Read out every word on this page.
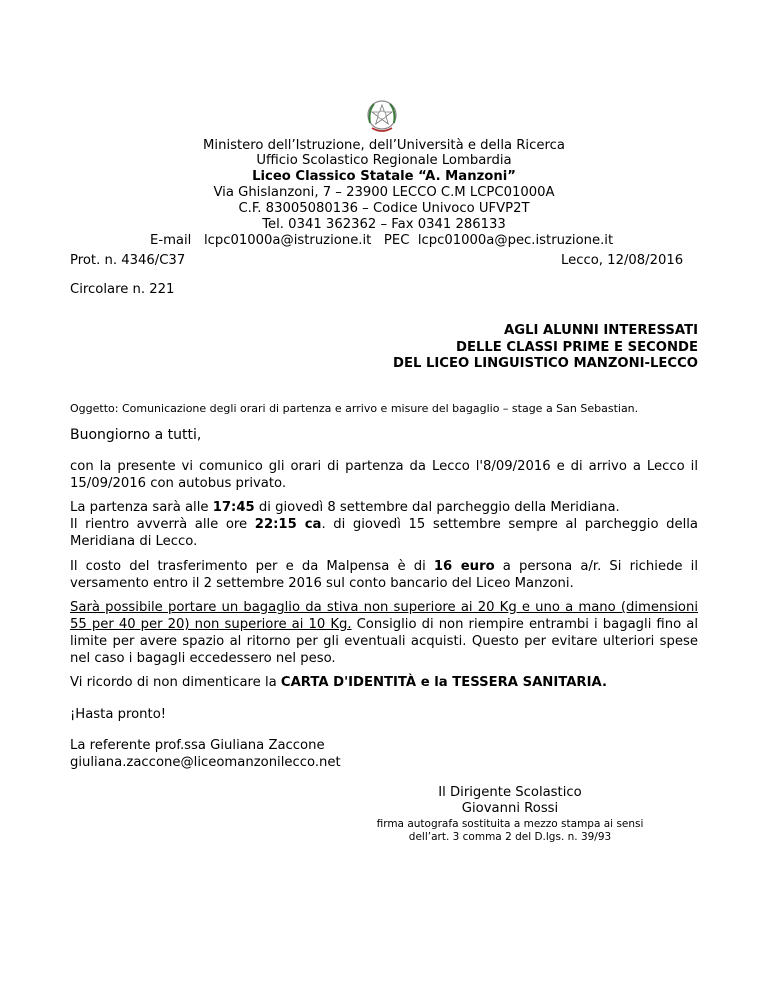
Ministero dell’Istruzione, dell’Università e della Ricerca
Ufficio Scolastico Regionale Lombardia
Liceo Classico Statale “A. Manzoni”
Via Ghislanzoni, 7 – 23900 LECCO C.M LCPC01000A
C.F. 83005080136 – Codice Univoco UFVP2T
Tel. 0341 362362 – Fax 0341 286133
E-mail lcpc01000a@istruzione.it PEC lcpc01000a@pec.istruzione.it
Prot. n. 4346/C37	Lecco, 12/08/2016
Circolare n. 221
AGLI ALUNNI INTERESSATI
DELLE CLASSI PRIME E SECONDE
DEL LICEO LINGUISTICO MANZONI-LECCO
Oggetto: Comunicazione degli orari di partenza e arrivo e misure del bagaglio – stage a San Sebastian.
Buongiorno a tutti,
con la presente vi comunico gli orari di partenza da Lecco l'8/09/2016 e di arrivo a Lecco il 15/09/2016 con autobus privato.
La partenza sarà alle 17:45 di giovedì 8 settembre dal parcheggio della Meridiana.
Il rientro avverrà alle ore 22:15 ca. di giovedì 15 settembre sempre al parcheggio della Meridiana di Lecco.
Il costo del trasferimento per e da Malpensa è di 16 euro a persona a/r. Si richiede il versamento entro il 2 settembre 2016 sul conto bancario del Liceo Manzoni.
Sarà possibile portare un bagaglio da stiva non superiore ai 20 Kg e uno a mano (dimensioni 55 per 40 per 20) non superiore ai 10 Kg. Consiglio di non riempire entrambi i bagagli fino al limite per avere spazio al ritorno per gli eventuali acquisti. Questo per evitare ulteriori spese nel caso i bagagli eccedessero nel peso.
Vi ricordo di non dimenticare la CARTA D'IDENTITÀ e la TESSERA SANITARIA.
¡Hasta pronto!
La referente prof.ssa Giuliana Zaccone
giuliana.zaccone@liceomanzonilecco.net
Il Dirigente Scolastico
Giovanni Rossi
firma autografa sostituita a mezzo stampa ai sensi
dell’art. 3 comma 2 del D.lgs. n. 39/93
